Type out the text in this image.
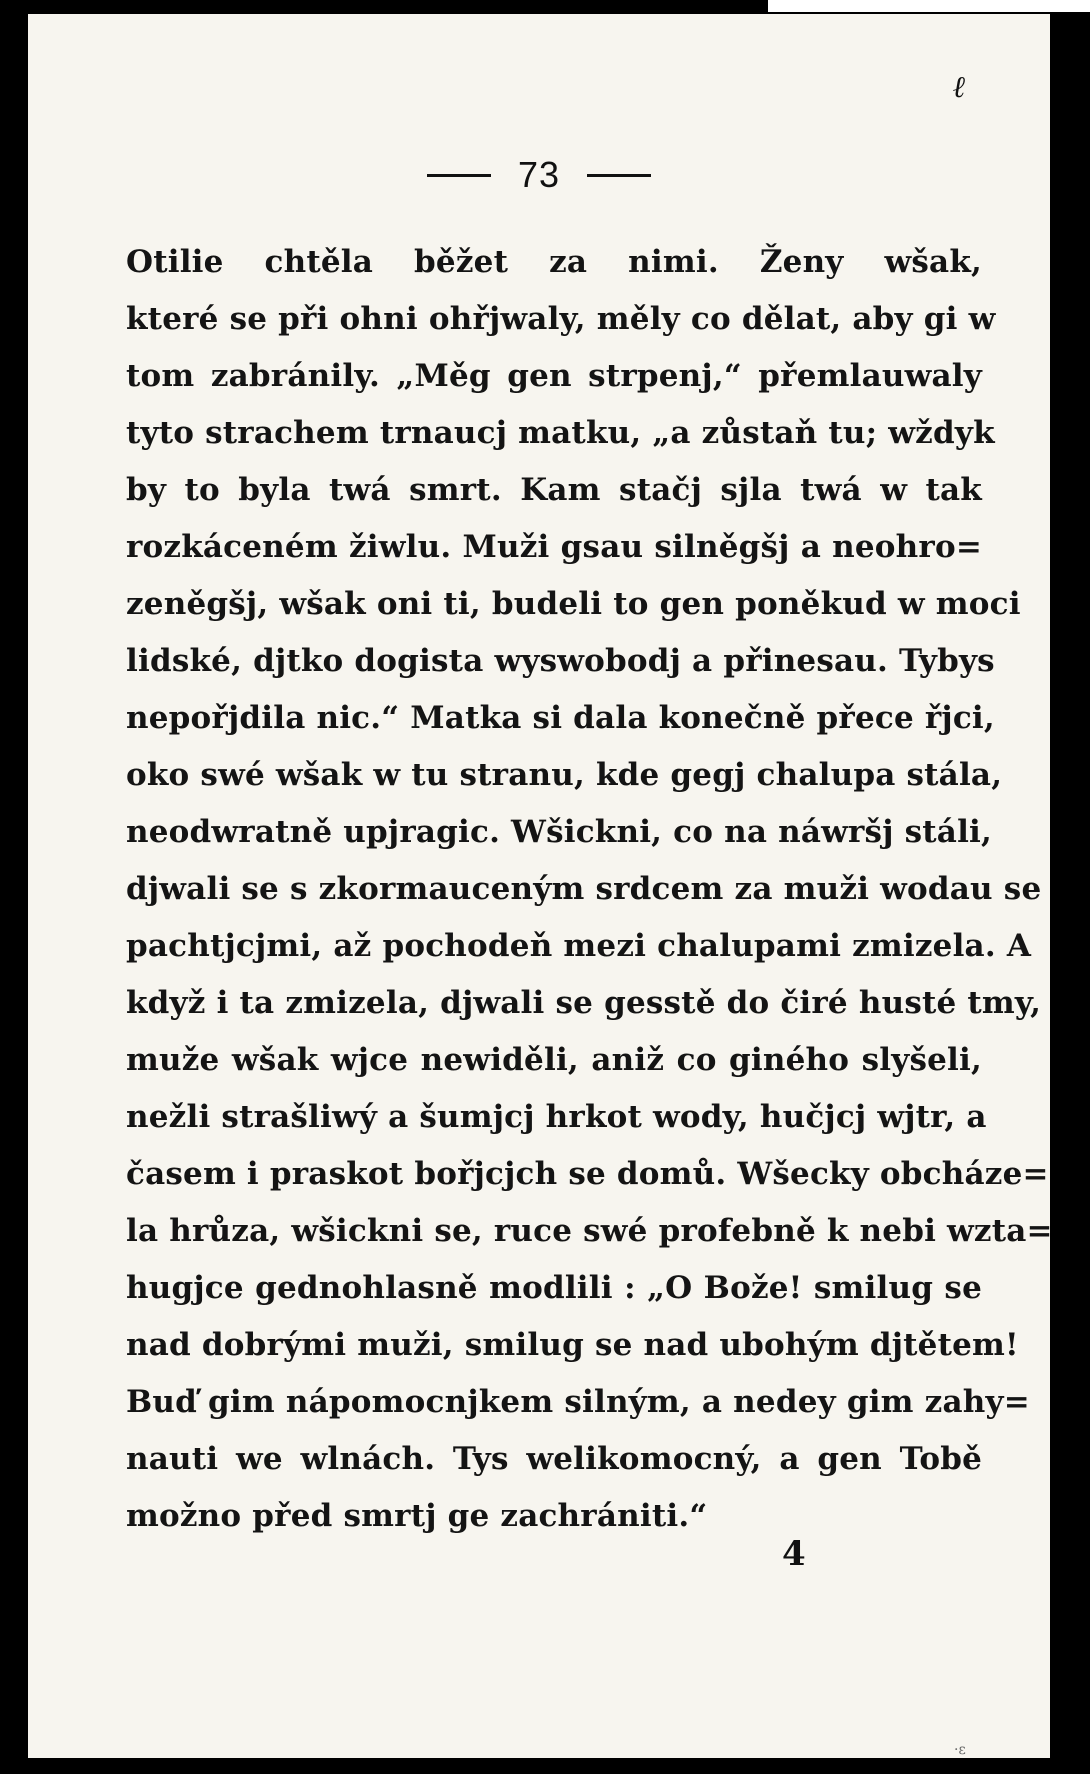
ℓ
73
Otilie chtěla běžet za nimi. Ženy wšak,
které se při ohni ohřjwaly, měly co dělat, aby gi w
tom zabránily. „Měg gen strpenj,“ přemlauwaly
tyto strachem trnaucj matku, „a zůstaň tu; wždyk
by to byla twá smrt. Kam stačj sjla twá w tak
rozkáceném žiwlu. Muži gsau silněgšj a neohro=
zeněgšj, wšak oni ti, budeli to gen poněkud w moci
lidské, djtko dogista wyswobodj a přinesau. Tybys
nepořjdila nic.“ Matka si dala konečně přece řjci,
oko swé wšak w tu stranu, kde gegj chalupa stála,
neodwratně upjragic. Wšickni, co na náwršj stáli,
djwali se s zkormauceným srdcem za muži wodau se
pachtjcjmi, až pochodeň mezi chalupami zmizela. A
když i ta zmizela, djwali se gesstě do čiré husté tmy,
muže wšak wjce newiděli, aniž co giného slyšeli,
nežli strašliwý a šumjcj hrkot wody, hučjcj wjtr, a
časem i praskot bořjcjch se domů. Wšecky obcháze=
la hrůza, wšickni se, ruce swé profebně k nebi wzta=
hugjce gednohlasně modlili : „O Bože! smilug se
nad dobrými muži, smilug se nad ubohým djtětem!
Buď gim nápomocnjkem silným, a nedey gim zahy=
nauti we wlnách. Tys welikomocný, a gen Tobě
možno před smrtj ge zachrániti.“
4
·ε
